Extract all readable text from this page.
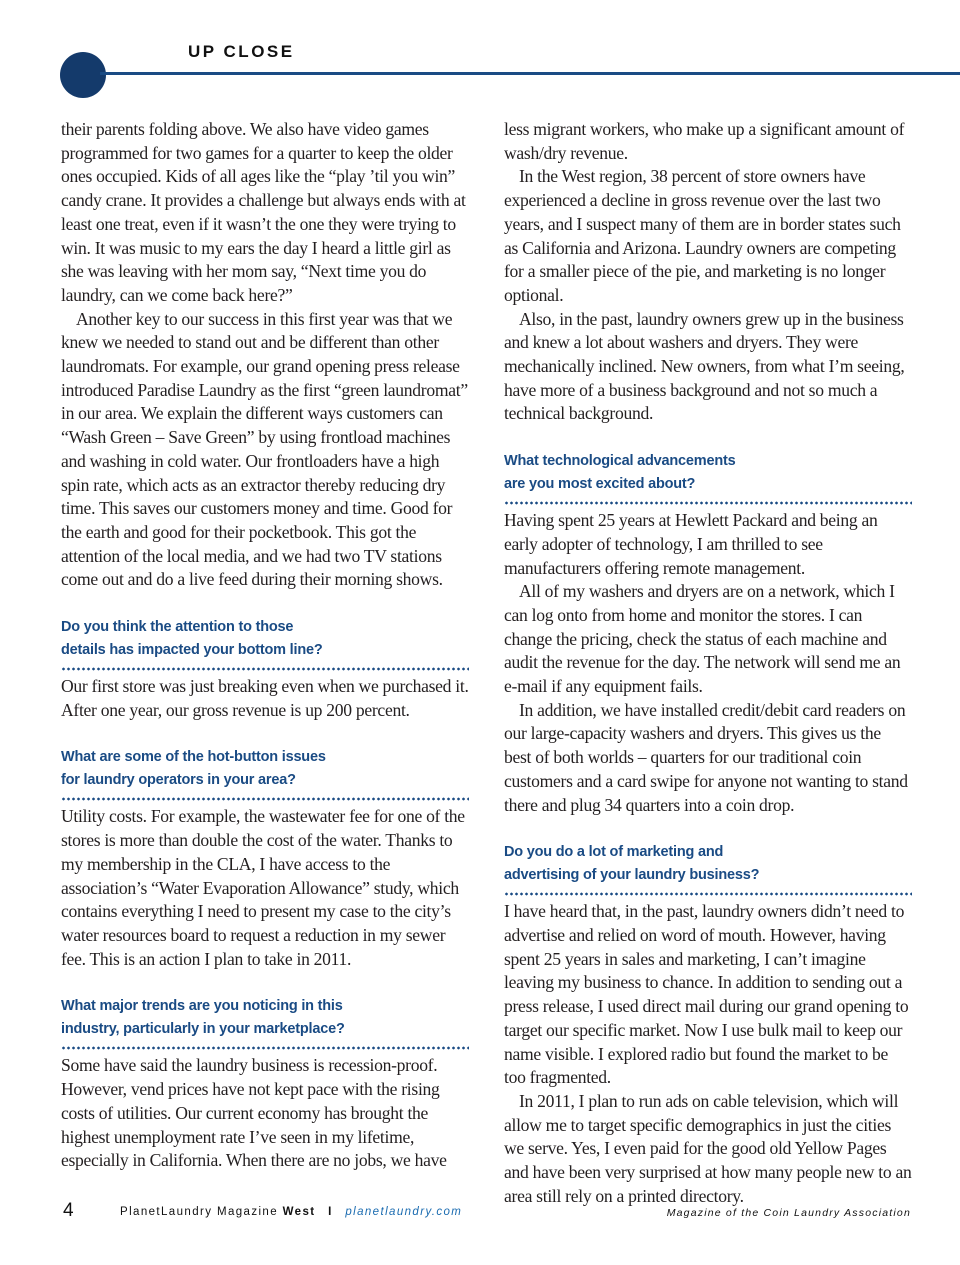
UP CLOSE

their parents folding above. We also have video games programmed for two games for a quarter to keep the older ones occupied. Kids of all ages like the “play ’til you win” candy crane. It provides a challenge but always ends with at least one treat, even if it wasn’t the one they were trying to win. It was music to my ears the day I heard a little girl as she was leaving with her mom say, “Next time you do laundry, can we come back here?”

Another key to our success in this first year was that we knew we needed to stand out and be different than other laundromats. For example, our grand opening press release introduced Paradise Laundry as the first “green laundromat” in our area. We explain the different ways customers can “Wash Green – Save Green” by using frontload machines and washing in cold water. Our frontloaders have a high spin rate, which acts as an extractor thereby reducing dry time. This saves our customers money and time. Good for the earth and good for their pocketbook. This got the attention of the local media, and we had two TV stations come out and do a live feed during their morning shows.

Do you think the attention to those
details has impacted your bottom line?

Our first store was just breaking even when we purchased it. After one year, our gross revenue is up 200 percent.

What are some of the hot-button issues
for laundry operators in your area?

Utility costs. For example, the wastewater fee for one of the stores is more than double the cost of the water. Thanks to my membership in the CLA, I have access to the association’s “Water Evaporation Allowance” study, which contains everything I need to present my case to the city’s water resources board to request a reduction in my sewer fee. This is an action I plan to take in 2011.

What major trends are you noticing in this
industry, particularly in your marketplace?

Some have said the laundry business is recession-proof. However, vend prices have not kept pace with the rising costs of utilities. Our current economy has brought the highest unemployment rate I’ve seen in my lifetime, especially in California. When there are no jobs, we have

less migrant workers, who make up a significant amount of wash/dry revenue.

In the West region, 38 percent of store owners have experienced a decline in gross revenue over the last two years, and I suspect many of them are in border states such as California and Arizona. Laundry owners are competing for a smaller piece of the pie, and marketing is no longer optional.

Also, in the past, laundry owners grew up in the business and knew a lot about washers and dryers. They were mechanically inclined. New owners, from what I’m seeing, have more of a business background and not so much a technical background.

What technological advancements
are you most excited about?

Having spent 25 years at Hewlett Packard and being an early adopter of technology, I am thrilled to see manufacturers offering remote management.

All of my washers and dryers are on a network, which I can log onto from home and monitor the stores. I can change the pricing, check the status of each machine and audit the revenue for the day. The network will send me an e-mail if any equipment fails.

In addition, we have installed credit/debit card readers on our large-capacity washers and dryers. This gives us the best of both worlds – quarters for our traditional coin customers and a card swipe for anyone not wanting to stand there and plug 34 quarters into a coin drop.

Do you do a lot of marketing and
advertising of your laundry business?

I have heard that, in the past, laundry owners didn’t need to advertise and relied on word of mouth. However, having spent 25 years in sales and marketing, I can’t imagine leaving my business to chance. In addition to sending out a press release, I used direct mail during our grand opening to target our specific market. Now I use bulk mail to keep our name visible. I explored radio but found the market to be too fragmented.

In 2011, I plan to run ads on cable television, which will allow me to target specific demographics in just the cities we serve. Yes, I even paid for the good old Yellow Pages and have been very surprised at how many people new to an area still rely on a printed directory.

4	PlanetLaundry Magazine West I planetlaundry.com	Magazine of the Coin Laundry Association
